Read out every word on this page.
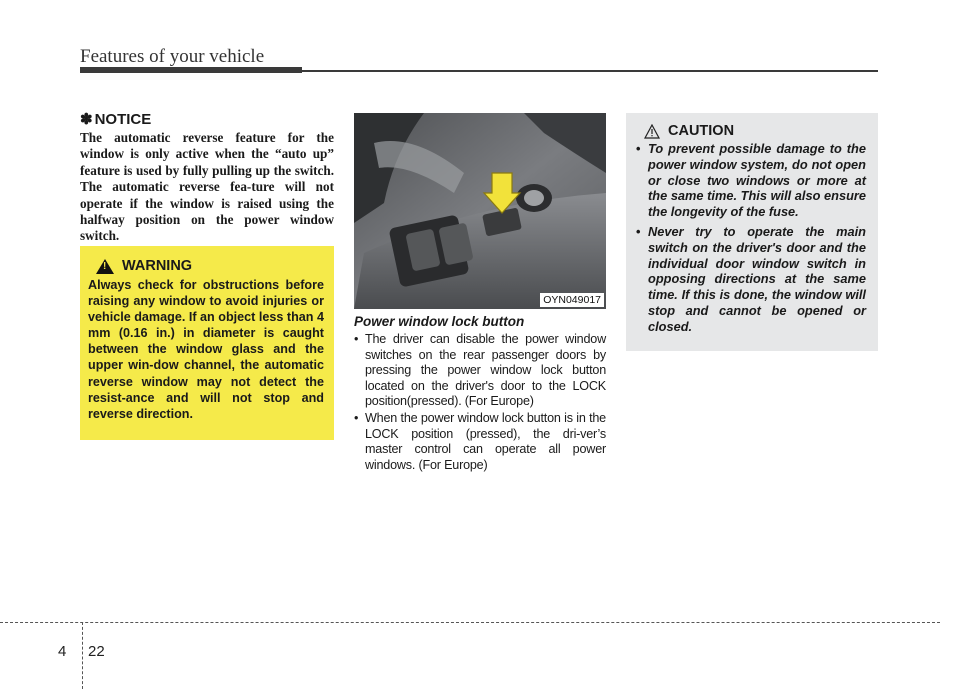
Features of your vehicle
✽ NOTICE
The automatic reverse feature for the window is only active when the “auto up” feature is used by fully pulling up the switch. The automatic reverse fea-ture will not operate if the window is raised using the halfway position on the power window switch.
!
WARNING
Always check for obstructions before raising any window to avoid injuries or vehicle damage. If an object less than 4 mm (0.16 in.) in diameter is caught between the window glass and the upper win-dow channel, the automatic reverse window may not detect the resist-ance and will not stop and reverse direction.
OYN049017
Power window lock button
• The driver can disable the power window switches on the rear passenger doors by pressing the power window lock button located on the driver's door to the LOCK position(pressed). (For Europe)
• When the power window lock button is in the LOCK position (pressed), the dri-ver’s master control can operate all power windows. (For Europe)
CAUTION
• To prevent possible damage to the power window system, do not open or close two windows or more at the same time. This will also ensure the longevity of the fuse.
• Never try to operate the main switch on the driver's door and the individual door window switch in opposing directions at the same time. If this is done, the window will stop and cannot be opened or closed.
4 22
